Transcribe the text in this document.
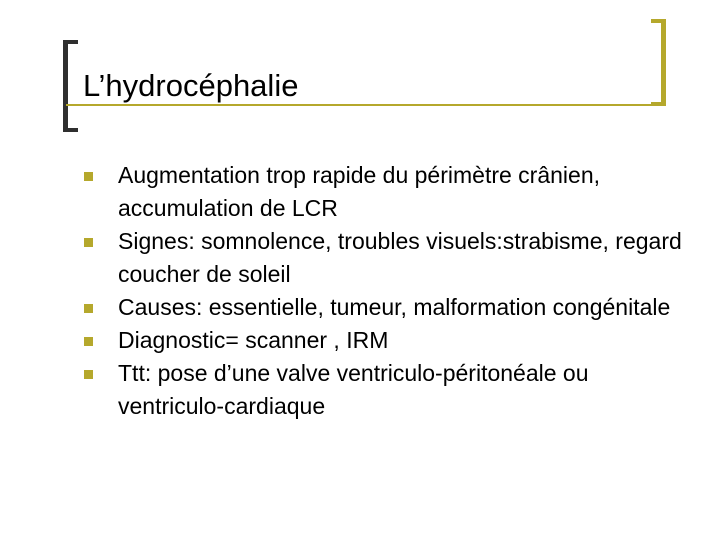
L’hydrocéphalie
Augmentation trop rapide du périmètre crânien, accumulation de LCR
Signes: somnolence, troubles visuels:strabisme, regard coucher de soleil
Causes: essentielle, tumeur, malformation congénitale
Diagnostic= scanner , IRM
Ttt: pose d’une valve ventriculo-péritonéale ou ventriculo-cardiaque
